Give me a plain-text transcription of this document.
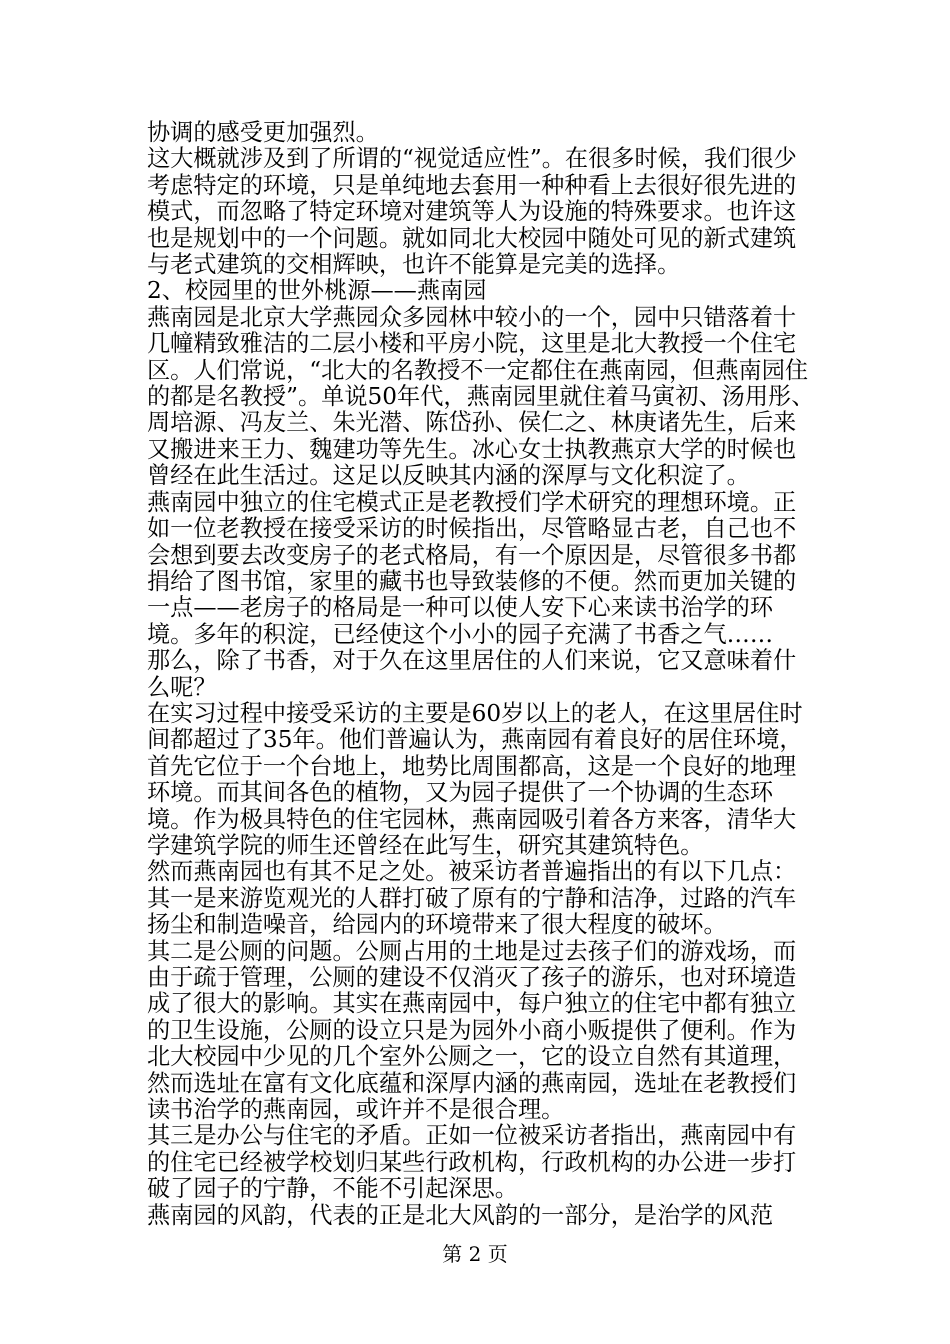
协调的感受更加强烈。

这大概就涉及到了所谓的“视觉适应性”。在很多时候，我们很少考虑特定的环境，只是单纯地去套用一种种看上去很好很先进的模式，而忽略了特定环境对建筑等人为设施的特殊要求。也许这也是规划中的一个问题。就如同北大校园中随处可见的新式建筑与老式建筑的交相辉映，也许不能算是完美的选择。

2、校园里的世外桃源——燕南园

燕南园是北京大学燕园众多园林中较小的一个，园中只错落着十几幢精致雅洁的二层小楼和平房小院，这里是北大教授一个住宅区。人们常说，“北大的名教授不一定都住在燕南园，但燕南园住的都是名教授”。单说50年代，燕南园里就住着马寅初、汤用彤、周培源、冯友兰、朱光潜、陈岱孙、侯仁之、林庚诸先生，后来又搬进来王力、魏建功等先生。冰心女士执教燕京大学的时候也曾经在此生活过。这足以反映其内涵的深厚与文化积淀了。

燕南园中独立的住宅模式正是老教授们学术研究的理想环境。正如一位老教授在接受采访的时候指出，尽管略显古老，自己也不会想到要去改变房子的老式格局，有一个原因是，尽管很多书都捐给了图书馆，家里的藏书也导致装修的不便。然而更加关键的一点——老房子的格局是一种可以使人安下心来读书治学的环境。多年的积淀，已经使这个小小的园子充满了书香之气……

那么，除了书香，对于久在这里居住的人们来说，它又意味着什么呢？

在实习过程中接受采访的主要是60岁以上的老人，在这里居住时间都超过了35年。他们普遍认为，燕南园有着良好的居住环境，首先它位于一个台地上，地势比周围都高，这是一个良好的地理环境。而其间各色的植物，又为园子提供了一个协调的生态环境。作为极具特色的住宅园林，燕南园吸引着各方来客，清华大学建筑学院的师生还曾经在此写生，研究其建筑特色。

然而燕南园也有其不足之处。被采访者普遍指出的有以下几点：

其一是来游览观光的人群打破了原有的宁静和洁净，过路的汽车扬尘和制造噪音，给园内的环境带来了很大程度的破坏。

其二是公厕的问题。公厕占用的土地是过去孩子们的游戏场，而由于疏于管理，公厕的建设不仅消灭了孩子的游乐，也对环境造成了很大的影响。其实在燕南园中，每户独立的住宅中都有独立的卫生设施，公厕的设立只是为园外小商小贩提供了便利。作为北大校园中少见的几个室外公厕之一，它的设立自然有其道理，然而选址在富有文化底蕴和深厚内涵的燕南园，选址在老教授们读书治学的燕南园，或许并不是很合理。

其三是办公与住宅的矛盾。正如一位被采访者指出，燕南园中有的住宅已经被学校划归某些行政机构，行政机构的办公进一步打破了园子的宁静，不能不引起深思。

燕南园的风韵，代表的正是北大风韵的一部分，是治学的风范

第 2 页
